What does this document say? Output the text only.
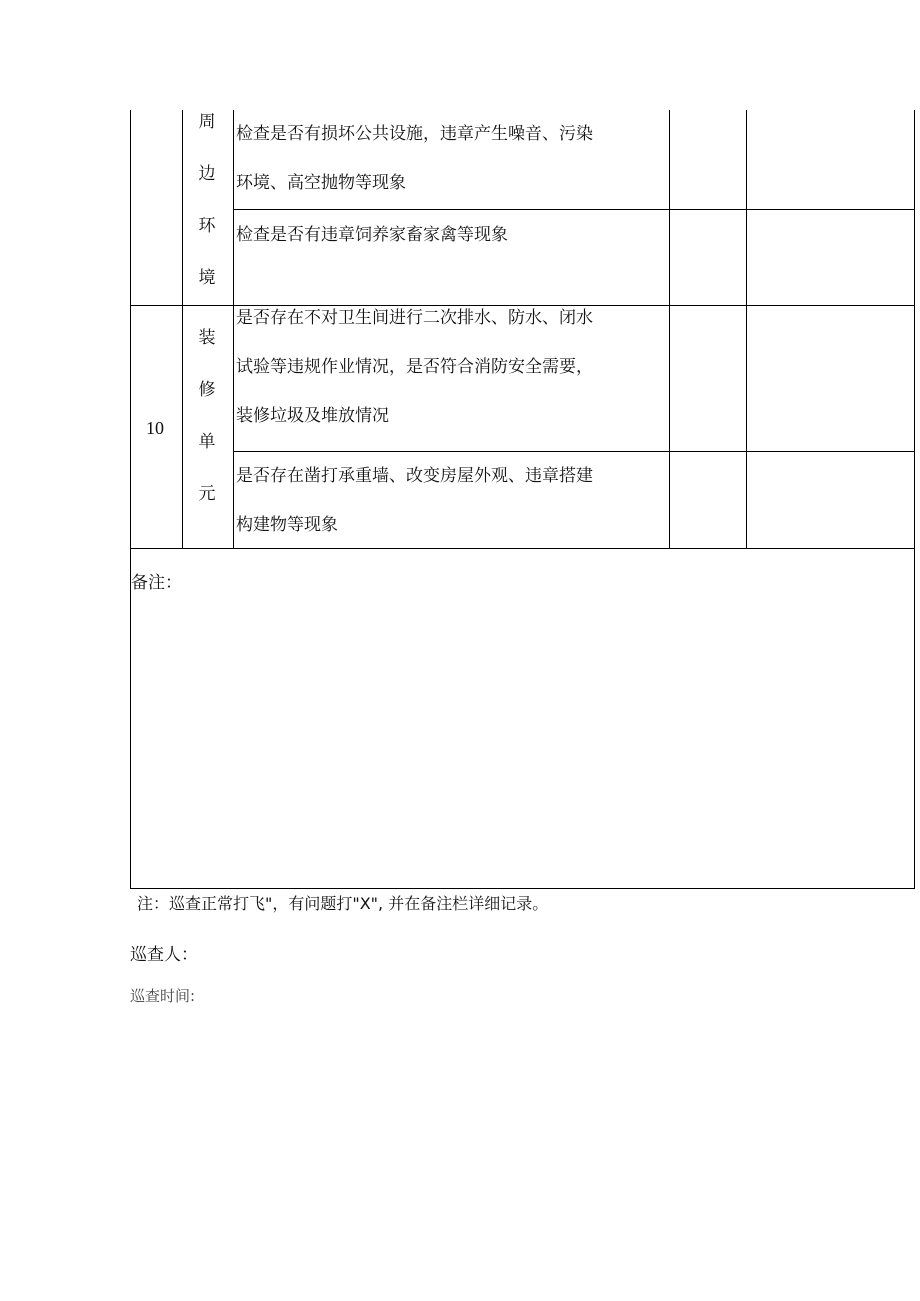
周
边
环
境
检查是否有损坏公共设施，违章产生噪音、污染
环境、高空抛物等现象
检查是否有违章饲养家畜家禽等现象
10
装
修
单
元
是否存在不对卫生间进行二次排水、防水、闭水
试验等违规作业情况，是否符合消防安全需要，
装修垃圾及堆放情况
是否存在凿打承重墙、改变房屋外观、违章搭建
构建物等现象
备注：
注：巡查正常打飞"，有问题打"X", 并在备注栏详细记录。
巡查人：
巡查时间:
